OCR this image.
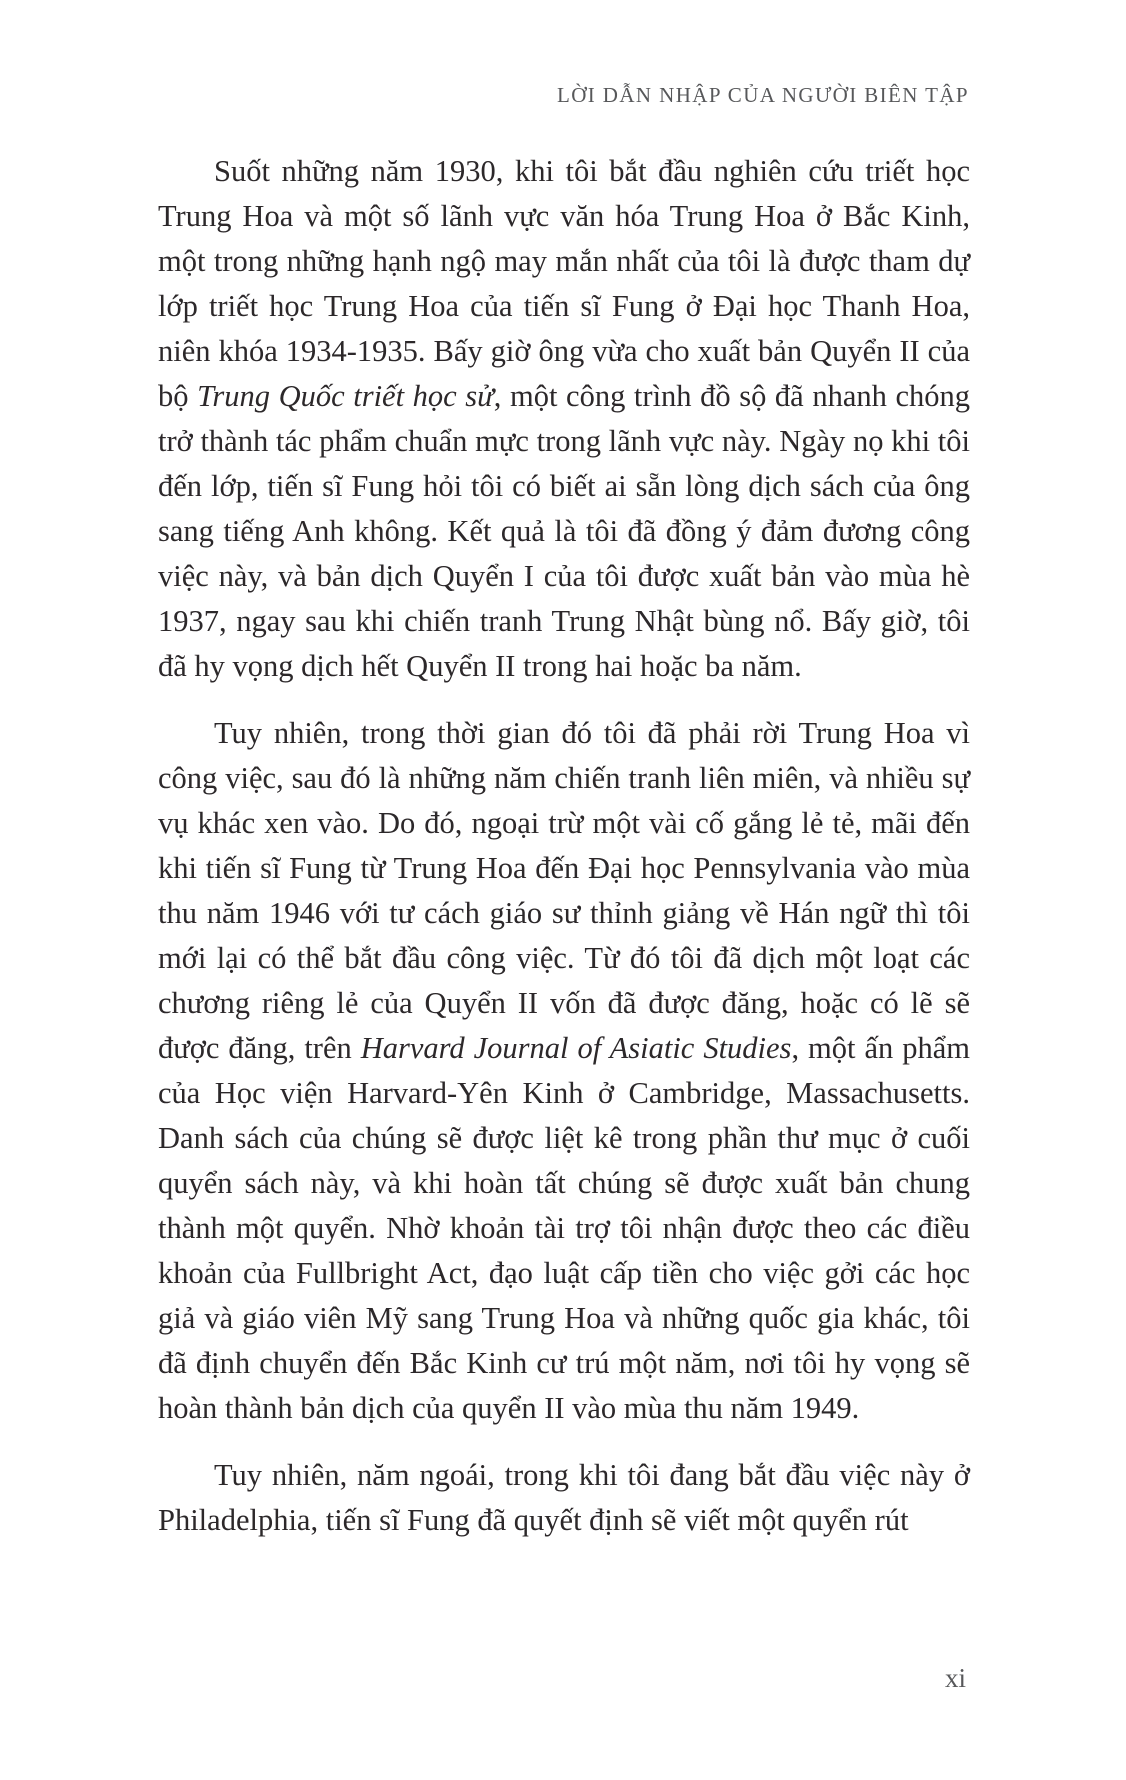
LỜI DẪN NHẬP CỦA NGƯỜI BIÊN TẬP

Suốt những năm 1930, khi tôi bắt đầu nghiên cứu triết học Trung Hoa và một số lãnh vực văn hóa Trung Hoa ở Bắc Kinh, một trong những hạnh ngộ may mắn nhất của tôi là được tham dự lớp triết học Trung Hoa của tiến sĩ Fung ở Đại học Thanh Hoa, niên khóa 1934-1935. Bấy giờ ông vừa cho xuất bản Quyển II của bộ Trung Quốc triết học sử, một công trình đồ sộ đã nhanh chóng trở thành tác phẩm chuẩn mực trong lãnh vực này. Ngày nọ khi tôi đến lớp, tiến sĩ Fung hỏi tôi có biết ai sẵn lòng dịch sách của ông sang tiếng Anh không. Kết quả là tôi đã đồng ý đảm đương công việc này, và bản dịch Quyển I của tôi được xuất bản vào mùa hè 1937, ngay sau khi chiến tranh Trung Nhật bùng nổ. Bấy giờ, tôi đã hy vọng dịch hết Quyển II trong hai hoặc ba năm.

Tuy nhiên, trong thời gian đó tôi đã phải rời Trung Hoa vì công việc, sau đó là những năm chiến tranh liên miên, và nhiều sự vụ khác xen vào. Do đó, ngoại trừ một vài cố gắng lẻ tẻ, mãi đến khi tiến sĩ Fung từ Trung Hoa đến Đại học Pennsylvania vào mùa thu năm 1946 với tư cách giáo sư thỉnh giảng về Hán ngữ thì tôi mới lại có thể bắt đầu công việc. Từ đó tôi đã dịch một loạt các chương riêng lẻ của Quyển II vốn đã được đăng, hoặc có lẽ sẽ được đăng, trên Harvard Journal of Asiatic Studies, một ấn phẩm của Học viện Harvard-Yên Kinh ở Cambridge, Massachusetts. Danh sách của chúng sẽ được liệt kê trong phần thư mục ở cuối quyển sách này, và khi hoàn tất chúng sẽ được xuất bản chung thành một quyển. Nhờ khoản tài trợ tôi nhận được theo các điều khoản của Fullbright Act, đạo luật cấp tiền cho việc gởi các học giả và giáo viên Mỹ sang Trung Hoa và những quốc gia khác, tôi đã định chuyển đến Bắc Kinh cư trú một năm, nơi tôi hy vọng sẽ hoàn thành bản dịch của quyển II vào mùa thu năm 1949.

Tuy nhiên, năm ngoái, trong khi tôi đang bắt đầu việc này ở Philadelphia, tiến sĩ Fung đã quyết định sẽ viết một quyển rút

xi
